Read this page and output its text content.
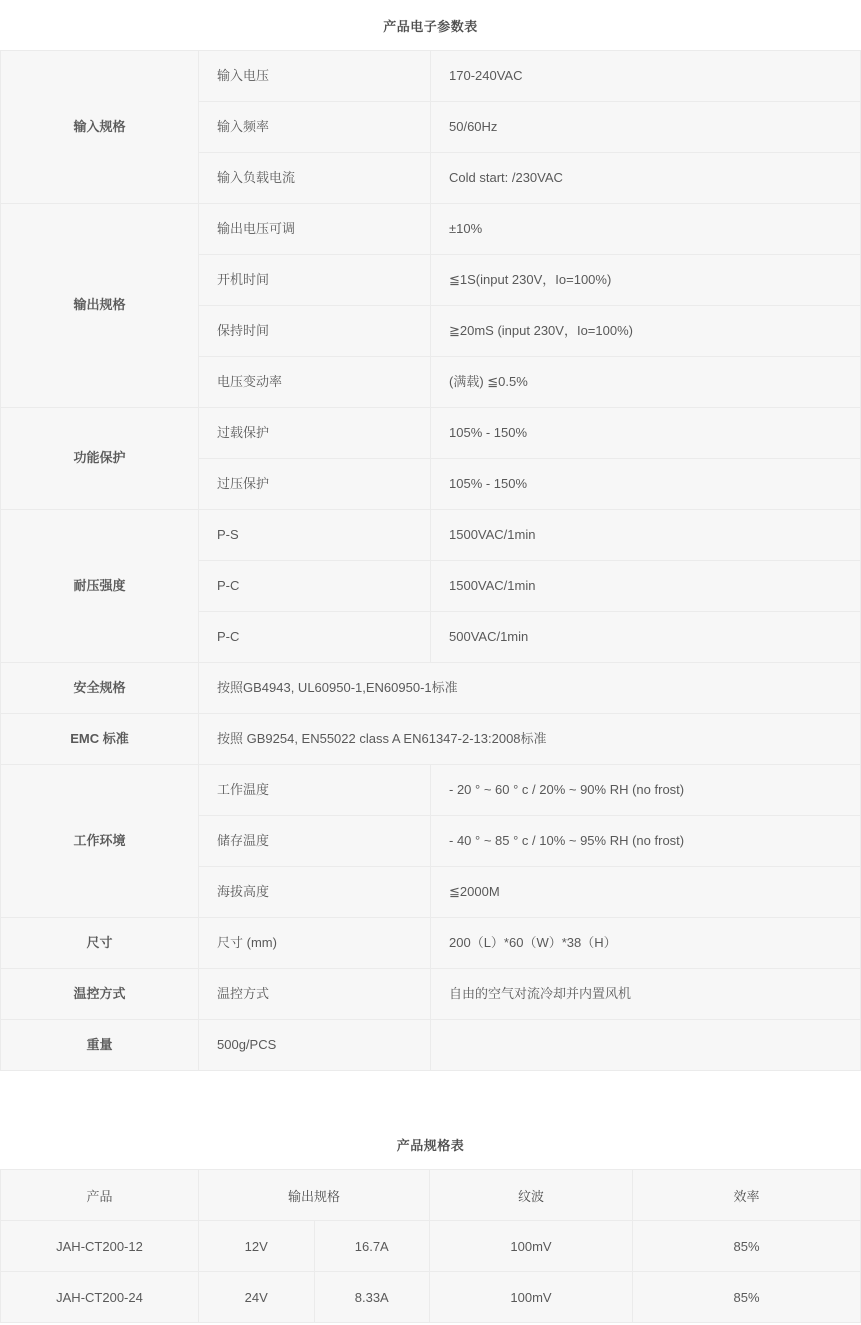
产品电子参数表
输入规格	输入电压	170-240VAC
	输入频率	50/60Hz
	输入负载电流	Cold start: /230VAC
输出规格	输出电压可调	±10%
	开机时间	≦1S(input 230V，Io=100%)
	保持时间	≧20mS (input 230V，Io=100%)
	电压变动率	(满载) ≦0.5%
功能保护	过载保护	105% - 150%
	过压保护	105% - 150%
耐压强度	P-S	1500VAC/1min
	P-C	1500VAC/1min
	P-C	500VAC/1min
安全规格	按照GB4943, UL60950-1,EN60950-1标准	
EMC 标准	按照 GB9254, EN55022 class A EN61347-2-13:2008标准	
工作环境	工作温度	- 20 ° ~ 60 ° c / 20% ~ 90% RH (no frost)
	储存温度	- 40 ° ~ 85 ° c / 10% ~ 95% RH (no frost)
	海拔高度	≦2000M
尺寸	尺寸 (mm)	200（L）*60（W）*38（H）
温控方式	温控方式	自由的空气对流冷却并内置风机
重量	500g/PCS	
产品规格表
产品	输出规格		纹波	效率
JAH-CT200-12	12V	16.7A	100mV	85%
JAH-CT200-24	24V	8.33A	100mV	85%
